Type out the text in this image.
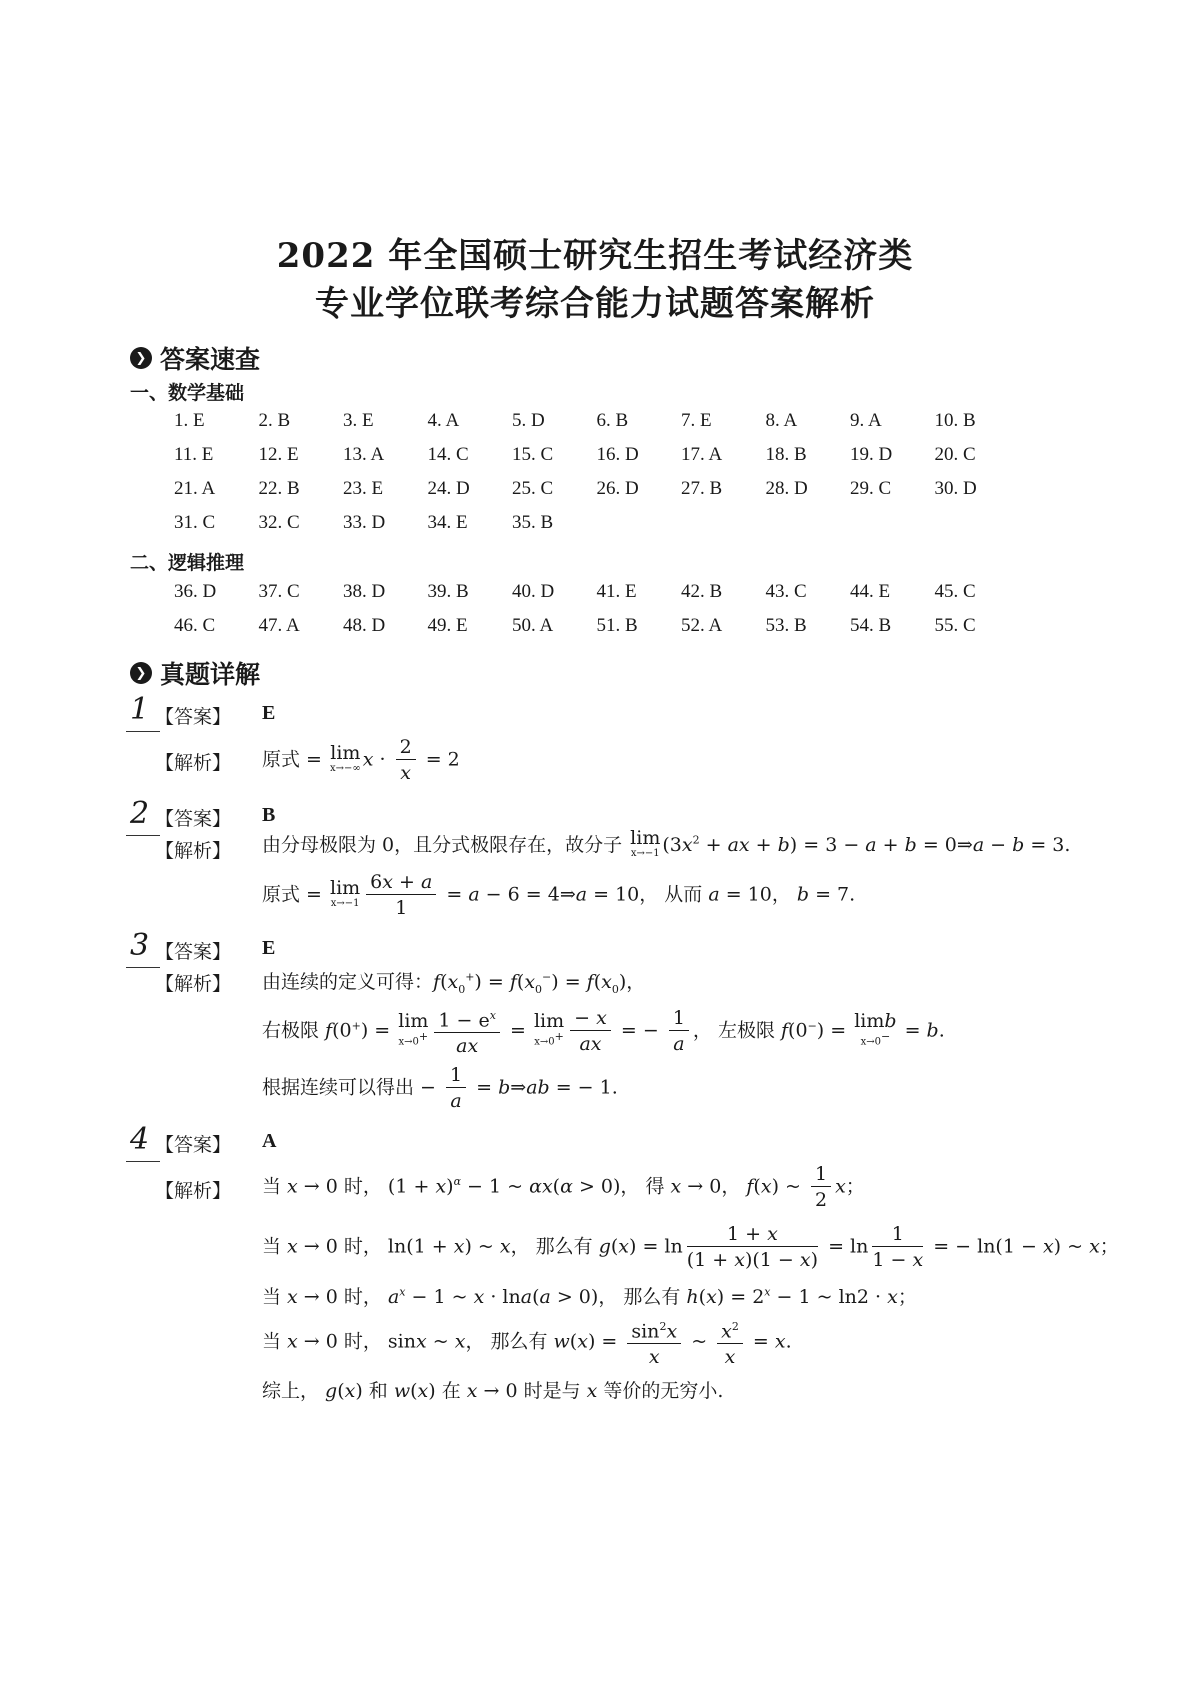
2022 年全国硕士研究生招生考试经济类
专业学位联考综合能力试题答案解析
❯ 答案速查
一、数学基础
1. E	2. B	3. E	4. A	5. D	6. B	7. E	8. A	9. A	10. B
11. E	12. E	13. A	14. C	15. C	16. D	17. A	18. B	19. D	20. C
21. A	22. B	23. E	24. D	25. C	26. D	27. B	28. D	29. C	30. D
31. C	32. C	33. D	34. E	35. B
二、逻辑推理
36. D	37. C	38. D	39. B	40. D	41. E	42. B	43. C	44. E	45. C
46. C	47. A	48. D	49. E	50. A	51. B	52. A	53. B	54. B	55. C
❯ 真题详解
1 【答案】 E
【解析】 原式 = lim
x→−∞ $x \cdot \frac{2}{x} = 2$
2 【答案】 B
【解析】 由分母极限为 0，且分式极限存在，故分子 lim
x→−1 ($3x^2$ + ax + b) = 3 − a + b = 0⇒a − b = 3.
原式 = lim
$x\to-1 \frac{6x + a}{1} = a - 6$ = 4⇒a = 10， 从而 a = 10， b = 7.
3 【答案】 E
【解析】 由连续的定义可得：$f(x_0^+) = f(x_0^-) = f(x_0)$，
右极限 f(0+) = lim
$x\to 0^+ \frac{1 - e^x}{ax} = \lim$
$x\to 0^+ \frac{- x}{ax}$ = − $\frac{1}{a}$ ， 左极限 f(0−) = limb
x→0− = b.
根据连续可以得出 − $\frac{1}{a}$ = b⇒ab = − 1.
4 【答案】 A
【解析】 当 x → 0 时， $(1 + x)^\alpha - 1$ ~ αx(α > 0)， 得 x → 0， f(x) ~ $\frac{1}{2}$ x；
当 x → 0 时， ln(1 + x) ~ x， 那么有 $g(x) = \ln \frac{1 + x}{(1 + x)(1 - x)} = \ln \frac{1}{1 - x}$ = − ln(1 − x) ~ x；
当 x → 0 时， $a^x - 1$ ~ x · lna(a > 0)， 那么有 $h(x) = 2^x - 1$ ~ ln2 · x；
当 x → 0 时， sinx ~ x， 那么有 $w(x) = \frac{\sin^2x}{x}$ ~ $\frac{x^2}{x} = x$.
综上， g(x) 和 w(x) 在 x → 0 时是与 x 等价的无穷小.
